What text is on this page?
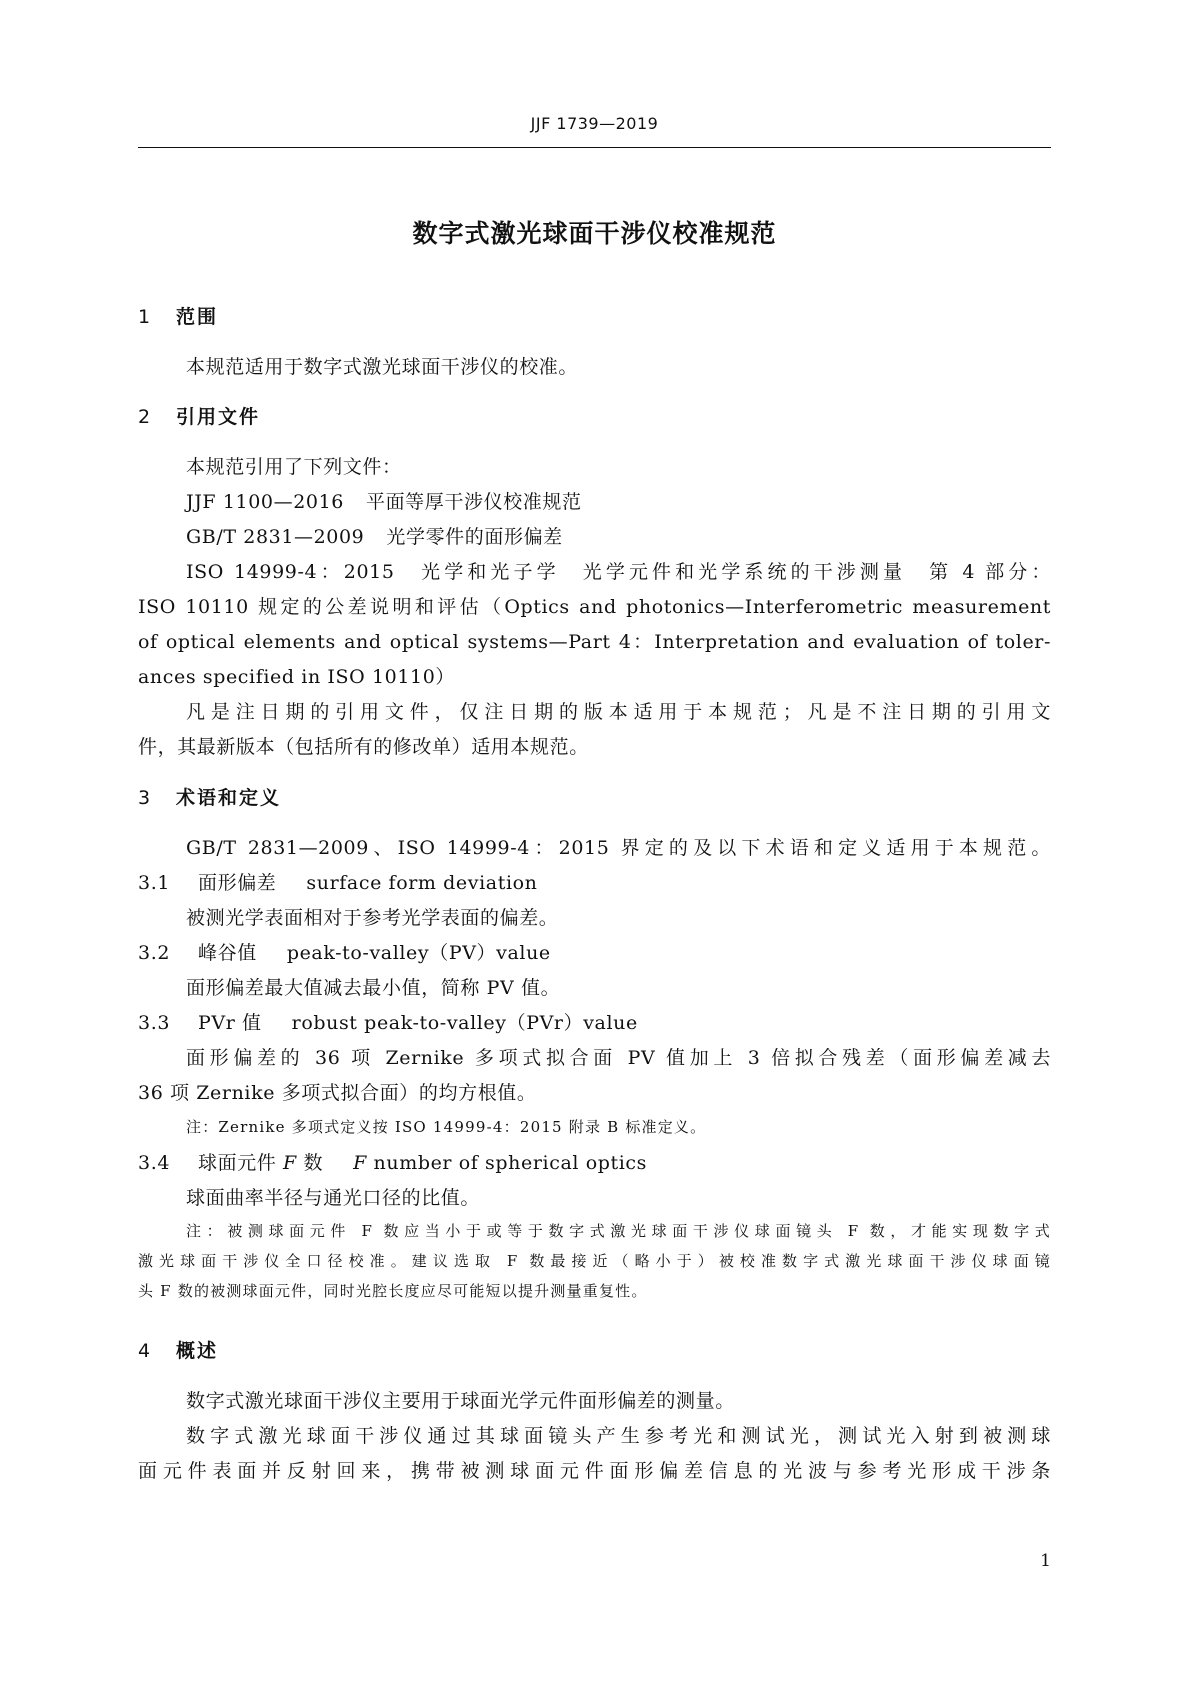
JJF 1739—2019
数字式激光球面干涉仪校准规范
1 范围
本规范适用于数字式激光球面干涉仪的校准。
2 引用文件
本规范引用了下列文件：
JJF 1100—2016 平面等厚干涉仪校准规范
GB/T 2831—2009 光学零件的面形偏差
ISO 14999-4：2015　光学和光子学　光学元件和光学系统的干涉测量　第 4 部分：
ISO 10110 规定的公差说明和评估（Optics and photonics—Interferometric measurement
of optical elements and optical systems—Part 4：Interpretation and evaluation of toler-
ances specified in ISO 10110）
凡是注日期的引用文件，仅注日期的版本适用于本规范；凡是不注日期的引用文
件，其最新版本（包括所有的修改单）适用本规范。
3 术语和定义
GB/T 2831—2009、ISO 14999-4：2015 界定的及以下术语和定义适用于本规范。
3.1 面形偏差 surface form deviation
被测光学表面相对于参考光学表面的偏差。
3.2 峰谷值 peak-to-valley（PV）value
面形偏差最大值减去最小值，简称 PV 值。
3.3 PVr 值 robust peak-to-valley（PVr）value
面形偏差的 36 项 Zernike 多项式拟合面 PV 值加上 3 倍拟合残差（面形偏差减去
36 项 Zernike 多项式拟合面）的均方根值。
注：Zernike 多项式定义按 ISO 14999-4：2015 附录 B 标准定义。
3.4 球面元件 F 数 F number of spherical optics
球面曲率半径与通光口径的比值。
注：被测球面元件 F 数应当小于或等于数字式激光球面干涉仪球面镜头 F 数，才能实现数字式
激光球面干涉仪全口径校准。建议选取 F 数最接近（略小于）被校准数字式激光球面干涉仪球面镜
头 F 数的被测球面元件，同时光腔长度应尽可能短以提升测量重复性。
4 概述
数字式激光球面干涉仪主要用于球面光学元件面形偏差的测量。
数字式激光球面干涉仪通过其球面镜头产生参考光和测试光，测试光入射到被测球
面元件表面并反射回来，携带被测球面元件面形偏差信息的光波与参考光形成干涉条
1
